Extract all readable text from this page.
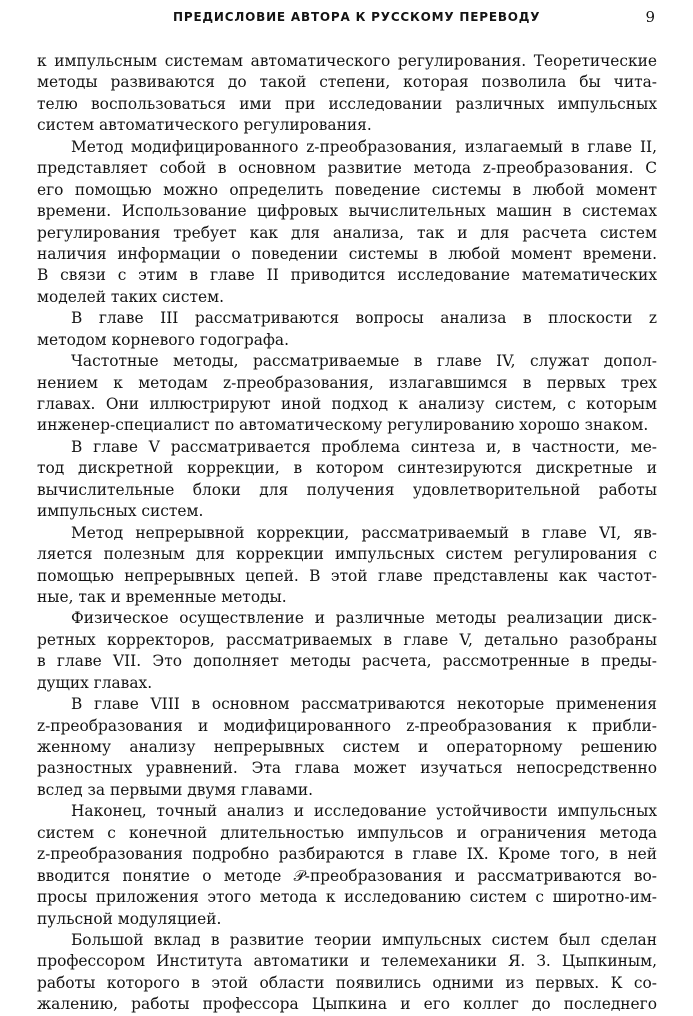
ПРЕДИСЛОВИЕ АВТОРА К РУССКОМУ ПЕРЕВОДУ	9
к импульсным системам автоматического регулирования. Теоретические
методы развиваются до такой степени, которая позволила бы чита-
телю воспользоваться ими при исследовании различных импульсных
систем автоматического регулирования.
Метод модифицированного z-преобразования, излагаемый в главе II,
представляет собой в основном развитие метода z-преобразования. С
его помощью можно определить поведение системы в любой момент
времени. Использование цифровых вычислительных машин в системах
регулирования требует как для анализа, так и для расчета систем
наличия информации о поведении системы в любой момент времени.
В связи с этим в главе II приводится исследование математических
моделей таких систем.
В главе III рассматриваются вопросы анализа в плоскости z
методом корневого годографа.
Частотные методы, рассматриваемые в главе IV, служат допол-
нением к методам z-преобразования, излагавшимся в первых трех
главах. Они иллюстрируют иной подход к анализу систем, с которым
инженер-специалист по автоматическому регулированию хорошо знаком.
В главе V рассматривается проблема синтеза и, в частности, ме-
тод дискретной коррекции, в котором синтезируются дискретные и
вычислительные блоки для получения удовлетворительной работы
импульсных систем.
Метод непрерывной коррекции, рассматриваемый в главе VI, яв-
ляется полезным для коррекции импульсных систем регулирования с
помощью непрерывных цепей. В этой главе представлены как частот-
ные, так и временные методы.
Физическое осуществление и различные методы реализации диск-
ретных корректоров, рассматриваемых в главе V, детально разобраны
в главе VII. Это дополняет методы расчета, рассмотренные в преды-
дущих главах.
В главе VIII в основном рассматриваются некоторые применения
z-преобразования и модифицированного z-преобразования к прибли-
женному анализу непрерывных систем и операторному решению
разностных уравнений. Эта глава может изучаться непосредственно
вслед за первыми двумя главами.
Наконец, точный анализ и исследование устойчивости импульсных
систем с конечной длительностью импульсов и ограничения метода
z-преобразования подробно разбираются в главе IX. Кроме того, в ней
вводится понятие о методе 𝒫-преобразования и рассматриваются во-
просы приложения этого метода к исследованию систем с широтно-им-
пульсной модуляцией.
Большой вклад в развитие теории импульсных систем был сделан
профессором Института автоматики и телемеханики Я. З. Цыпкиным,
работы которого в этой области появились одними из первых. К со-
жалению, работы профессора Цыпкина и его коллег до последнего
